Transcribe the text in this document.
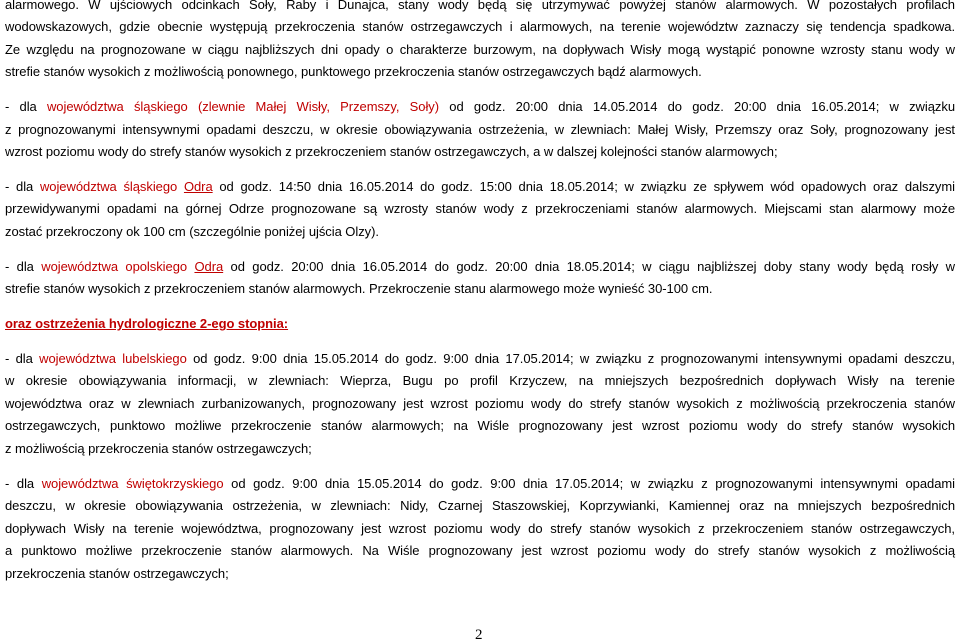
alarmowego. W ujściowych odcinkach Soły, Raby i Dunajca, stany wody będą się utrzymywać powyżej stanów alarmowych. W pozostałych profilach
wodowskazowych, gdzie obecnie występują przekroczenia stanów ostrzegawczych i alarmowych, na terenie województw zaznaczy się tendencja spadkowa.
Ze względu na prognozowane w ciągu najbliższych dni opady o charakterze burzowym, na dopływach Wisły mogą wystąpić ponowne wzrosty stanu wody w
strefie stanów wysokich z możliwością ponownego, punktowego przekroczenia stanów ostrzegawczych bądź alarmowych.
- dla województwa śląskiego (zlewnie Małej Wisły, Przemszy, Soły) od godz. 20:00 dnia 14.05.2014 do godz. 20:00 dnia 16.05.2014; w związku
z prognozowanymi intensywnymi opadami deszczu, w okresie obowiązywania ostrzeżenia, w zlewniach: Małej Wisły, Przemszy oraz Soły, prognozowany jest
wzrost poziomu wody do strefy stanów wysokich z przekroczeniem stanów ostrzegawczych, a w dalszej kolejności stanów alarmowych;
- dla województwa śląskiego Odra od godz. 14:50 dnia 16.05.2014 do godz. 15:00 dnia 18.05.2014; w związku ze spływem wód opadowych oraz dalszymi
przewidywanymi opadami na górnej Odrze prognozowane są wzrosty stanów wody z przekroczeniami stanów alarmowych. Miejscami stan alarmowy może
zostać przekroczony ok 100 cm (szczególnie poniżej ujścia Olzy).
- dla województwa opolskiego Odra od godz. 20:00 dnia 16.05.2014 do godz. 20:00 dnia 18.05.2014; w ciągu najbliższej doby stany wody będą rosły w
strefie stanów wysokich z przekroczeniem stanów alarmowych. Przekroczenie stanu alarmowego może wynieść 30-100 cm.
oraz ostrzeżenia hydrologiczne 2-ego stopnia:
- dla województwa lubelskiego od godz. 9:00 dnia 15.05.2014 do godz. 9:00 dnia 17.05.2014; w związku z prognozowanymi intensywnymi opadami deszczu,
w okresie obowiązywania informacji, w zlewniach: Wieprza, Bugu po profil Krzyczew, na mniejszych bezpośrednich dopływach Wisły na terenie
województwa oraz w zlewniach zurbanizowanych, prognozowany jest wzrost poziomu wody do strefy stanów wysokich z możliwością przekroczenia stanów
ostrzegawczych, punktowo możliwe przekroczenie stanów alarmowych; na Wiśle prognozowany jest wzrost poziomu wody do strefy stanów wysokich
z możliwością przekroczenia stanów ostrzegawczych;
- dla województwa świętokrzyskiego od godz. 9:00 dnia 15.05.2014 do godz. 9:00 dnia 17.05.2014; w związku z prognozowanymi intensywnymi opadami
deszczu, w okresie obowiązywania ostrzeżenia, w zlewniach: Nidy, Czarnej Staszowskiej, Koprzywianki, Kamiennej oraz na mniejszych bezpośrednich
dopływach Wisły na terenie województwa, prognozowany jest wzrost poziomu wody do strefy stanów wysokich z przekroczeniem stanów ostrzegawczych,
a punktowo możliwe przekroczenie stanów alarmowych. Na Wiśle prognozowany jest wzrost poziomu wody do strefy stanów wysokich z możliwością
przekroczenia stanów ostrzegawczych;
2
